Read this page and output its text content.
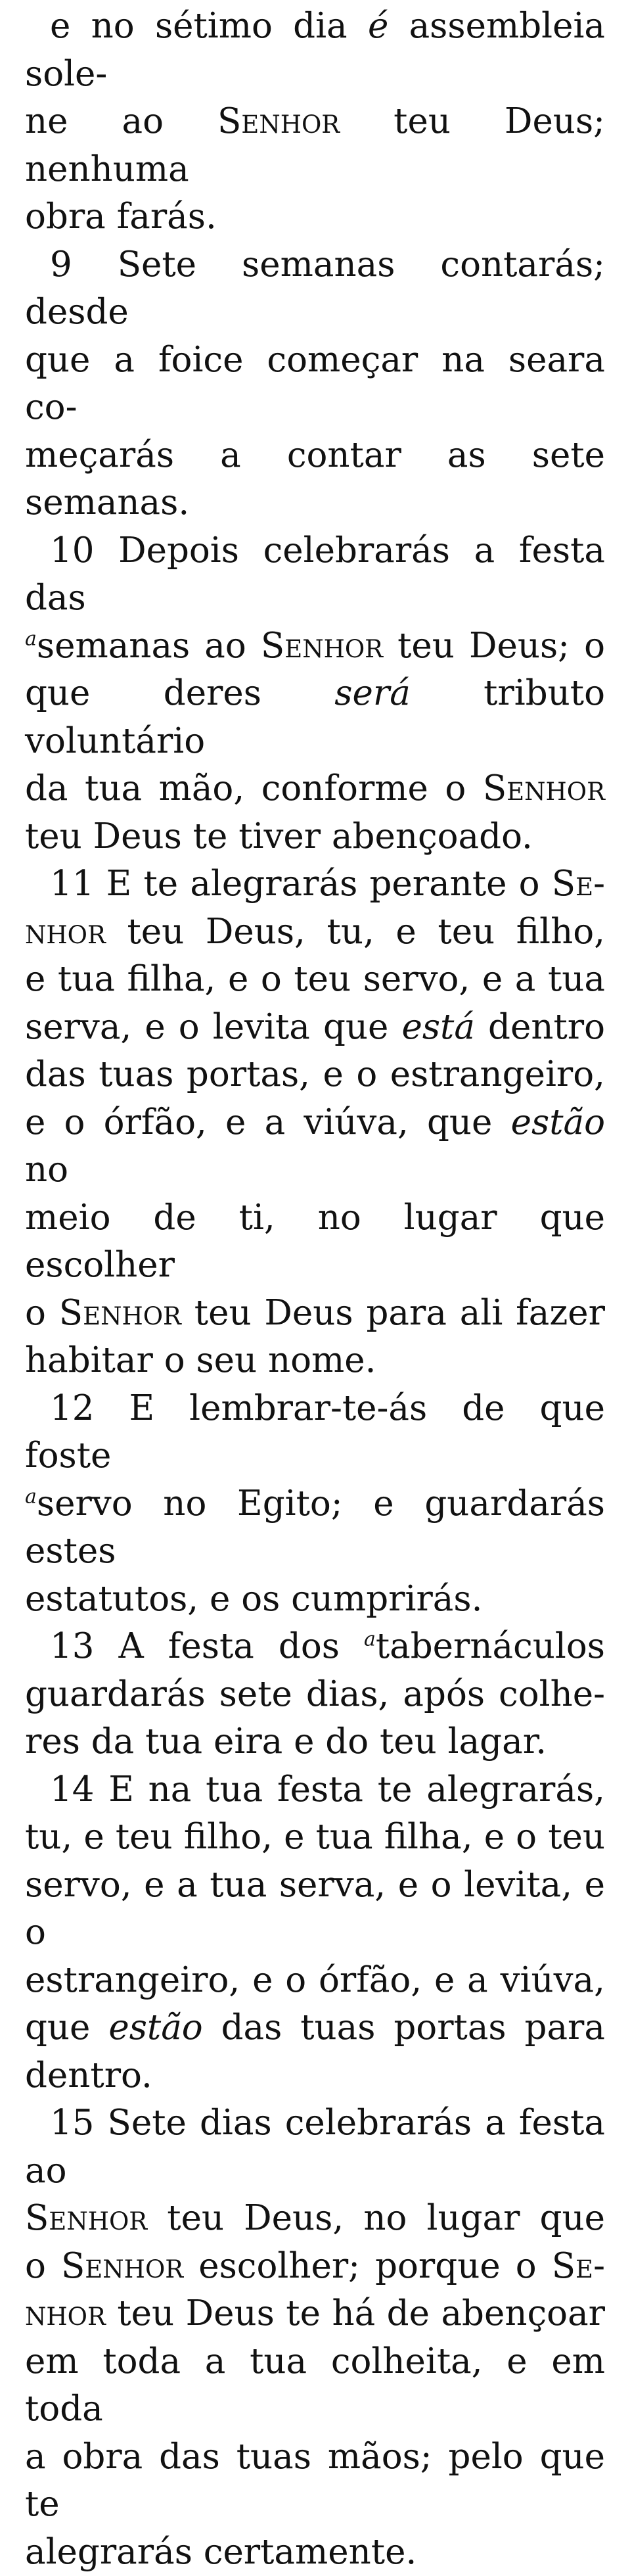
e no sétimo dia é assembleia sole-
ne ao Senhor teu Deus; nenhuma
obra farás.
9 Sete semanas contarás; desde
que a foice começar na seara co-
meçarás a contar as sete semanas.
10 Depois celebrarás a festa das
$^a$semanas ao Senhor teu Deus; o
que deres será tributo voluntário
da tua mão, conforme o Senhor
teu Deus te tiver abençoado.
11 E te alegrarás perante o Se-
nhor teu Deus, tu, e teu filho,
e tua filha, e o teu servo, e a tua
serva, e o levita que está dentro
das tuas portas, e o estrangeiro,
e o órfão, e a viúva, que estão no
meio de ti, no lugar que escolher
o Senhor teu Deus para ali fazer
habitar o seu nome.
12 E lembrar-te-ás de que foste
$^a$servo no Egito; e guardarás estes
estatutos, e os cumprirás.
13 A festa dos $^a$tabernáculos
guardarás sete dias, após colhe-
res da tua eira e do teu lagar.
14 E na tua festa te alegrarás,
tu, e teu filho, e tua filha, e o teu
servo, e a tua serva, e o levita, e o
estrangeiro, e o órfão, e a viúva,
que estão das tuas portas para
dentro.
15 Sete dias celebrarás a festa ao
Senhor teu Deus, no lugar que
o Senhor escolher; porque o Se-
nhor teu Deus te há de abençoar
em toda a tua colheita, e em toda
a obra das tuas mãos; pelo que te
alegrarás certamente.
